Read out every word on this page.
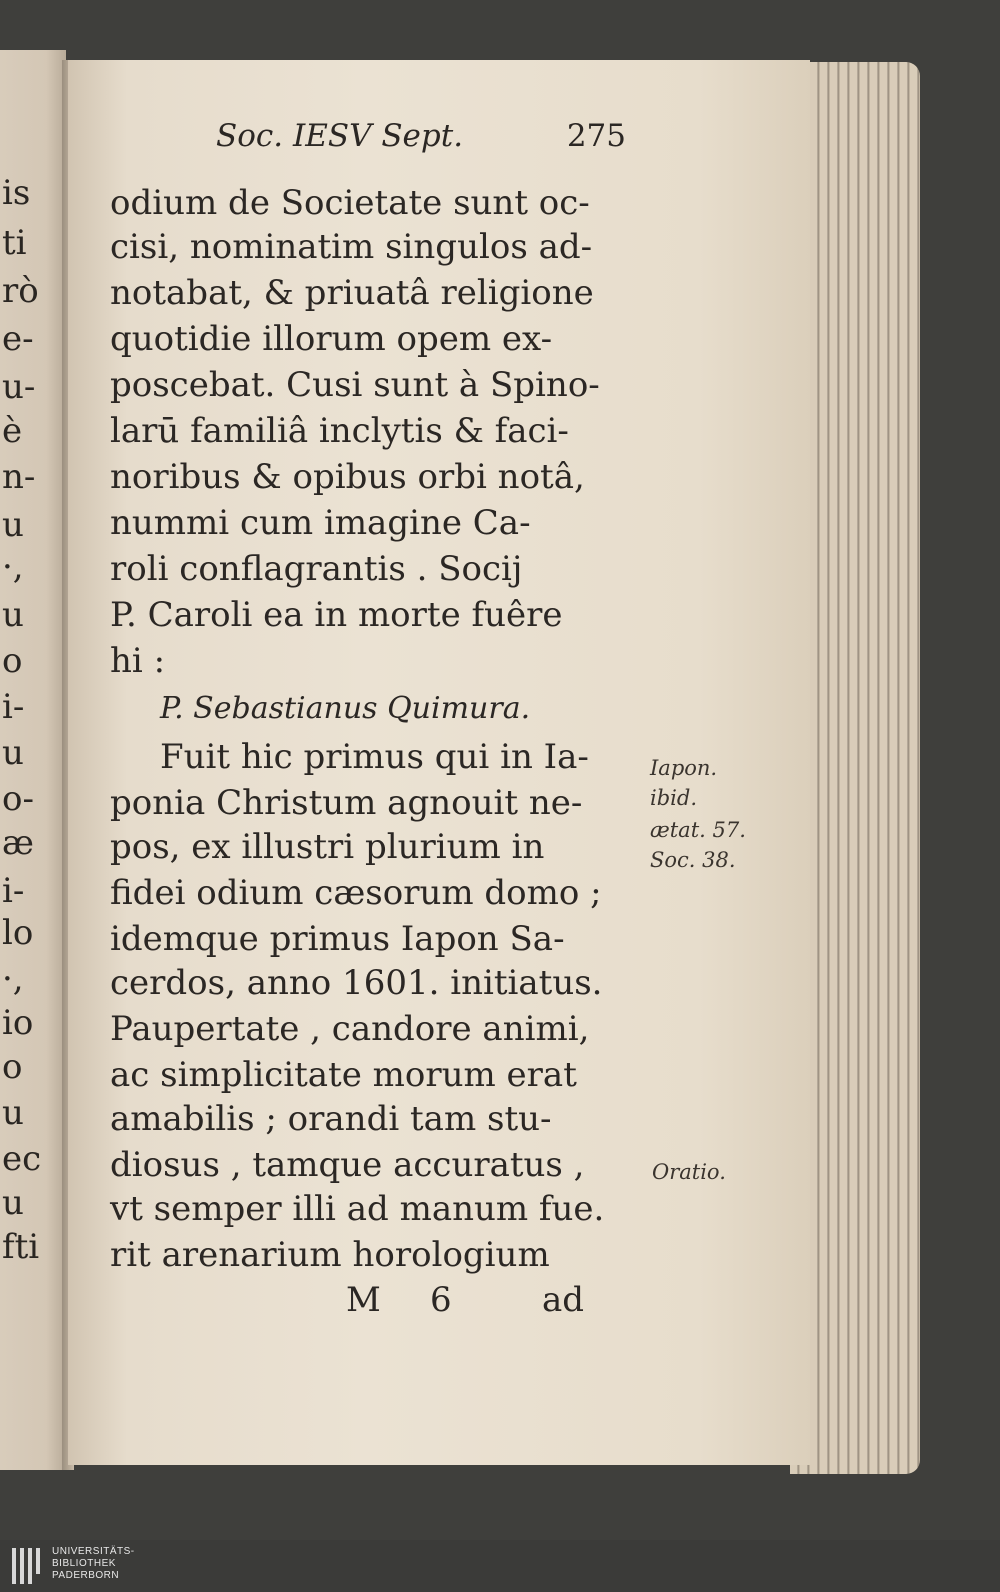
is
ti
rò
e-
u-
è
n-
u
·,
u
o
i-
u
o-
æ
i-
lo
·,
io
o
u
ec
u
fti
Soc. IESV Sept.	275
odium de Societate sunt oc-
cisi, nominatim singulos ad-
notabat, & priuatâ religione
quotidie illorum opem ex-
poscebat. Cusi sunt à Spino-
larū familiâ inclytis & faci-
noribus & opibus orbi notâ,
nummi cum imagine Ca-
roli conflagrantis . Socij
P. Caroli ea in morte fuêre
hi :
P. Sebastianus Quimura.
Fuit hic primus qui in Ia-
ponia Christum agnouit ne-
pos, ex illustri plurium in
fidei odium cæsorum domo ;
idemque primus Iapon Sa-
cerdos, anno 1601. initiatus.
Paupertate , candore animi,
ac simplicitate morum erat
amabilis ; orandi tam stu-
diosus , tamque accuratus ,
vt semper illi ad manum fue.
rit arenarium horologium
Iapon.
ibid.
ætat. 57.
Soc. 38.
Oratio.
M 6	ad
UNIVERSITÄTS-
BIBLIOTHEK
PADERBORN
